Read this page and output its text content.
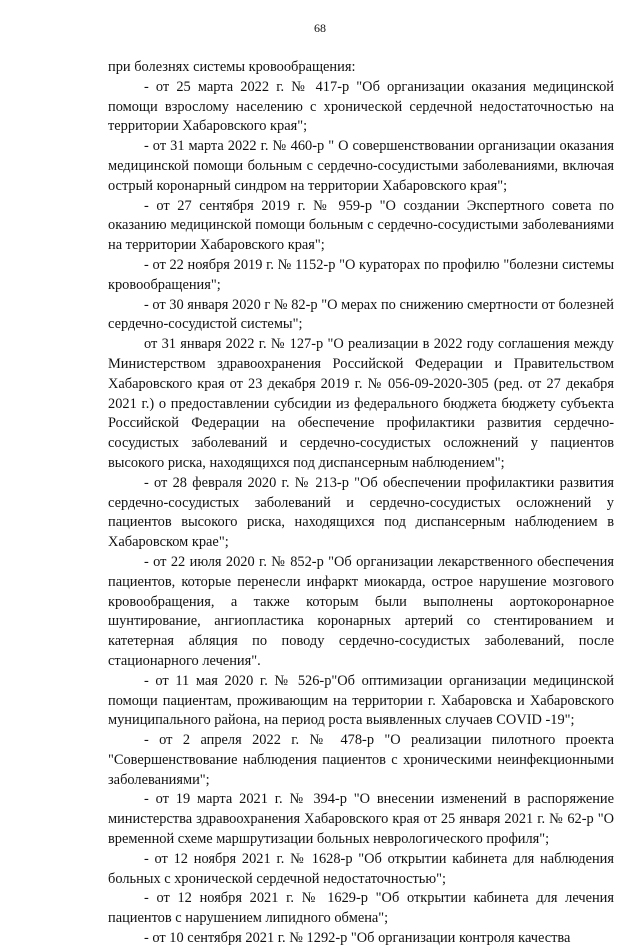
68

при болезнях системы кровообращения:

- от 25 марта 2022 г. № 417-р "Об организации оказания медицинской помощи взрослому населению с хронической сердечной недостаточностью на территории Хабаровского края";

- от 31 марта 2022 г. № 460-р " О совершенствовании организации оказания медицинской помощи больным с сердечно-сосудистыми заболеваниями, включая острый коронарный синдром на территории Хабаровского края";

- от 27 сентября 2019 г. № 959-р "О создании Экспертного совета по оказанию медицинской помощи больным с сердечно-сосудистыми заболеваниями на территории Хабаровского края";

- от 22 ноября 2019 г. № 1152-р "О кураторах по профилю "болезни системы кровообращения";

- от 30 января 2020 г № 82-р "О мерах по снижению смертности от болезней сердечно-сосудистой системы";

от 31 января 2022 г. № 127-р "О реализации в 2022 году соглашения между Министерством здравоохранения Российской Федерации и Правительством Хабаровского края от 23 декабря 2019 г. № 056-09-2020-305 (ред. от 27 декабря 2021 г.) о предоставлении субсидии из федерального бюджета бюджету субъекта Российской Федерации на обеспечение профилактики развития сердечно-сосудистых заболеваний и сердечно-сосудистых осложнений у пациентов высокого риска, находящихся под диспансерным наблюдением";

- от 28 февраля 2020 г. № 213-р "Об обеспечении профилактики развития сердечно-сосудистых заболеваний и сердечно-сосудистых осложнений у пациентов высокого риска, находящихся под диспансерным наблюдением в Хабаровском крае";

- от 22 июля 2020 г. № 852-р "Об организации лекарственного обеспечения пациентов, которые перенесли инфаркт миокарда, острое нарушение мозгового кровообращения, а также которым были выполнены аортокоронарное шунтирование, ангиопластика коронарных артерий со стентированием и катетерная абляция по поводу сердечно-сосудистых заболеваний, после стационарного лечения".

- от 11 мая 2020 г. № 526-р"Об оптимизации организации медицинской помощи пациентам, проживающим на территории г. Хабаровска и Хабаровского муниципального района, на период роста выявленных случаев COVID -19";

- от 2 апреля 2022 г. № 478-р "О реализации пилотного проекта "Совершенствование наблюдения пациентов с хроническими неинфекционными заболеваниями";

- от 19 марта 2021 г. № 394-р "О внесении изменений в распоряжение министерства здравоохранения Хабаровского края от 25 января 2021 г. № 62-р "О временной схеме маршрутизации больных неврологического профиля";

- от 12 ноября 2021 г. № 1628-р "Об открытии кабинета для наблюдения больных с хронической сердечной недостаточностью";

- от 12 ноября 2021 г. № 1629-р "Об открытии кабинета для лечения пациентов с нарушением липидного обмена";

- от 10 сентября 2021 г. № 1292-р "Об организации контроля качества
